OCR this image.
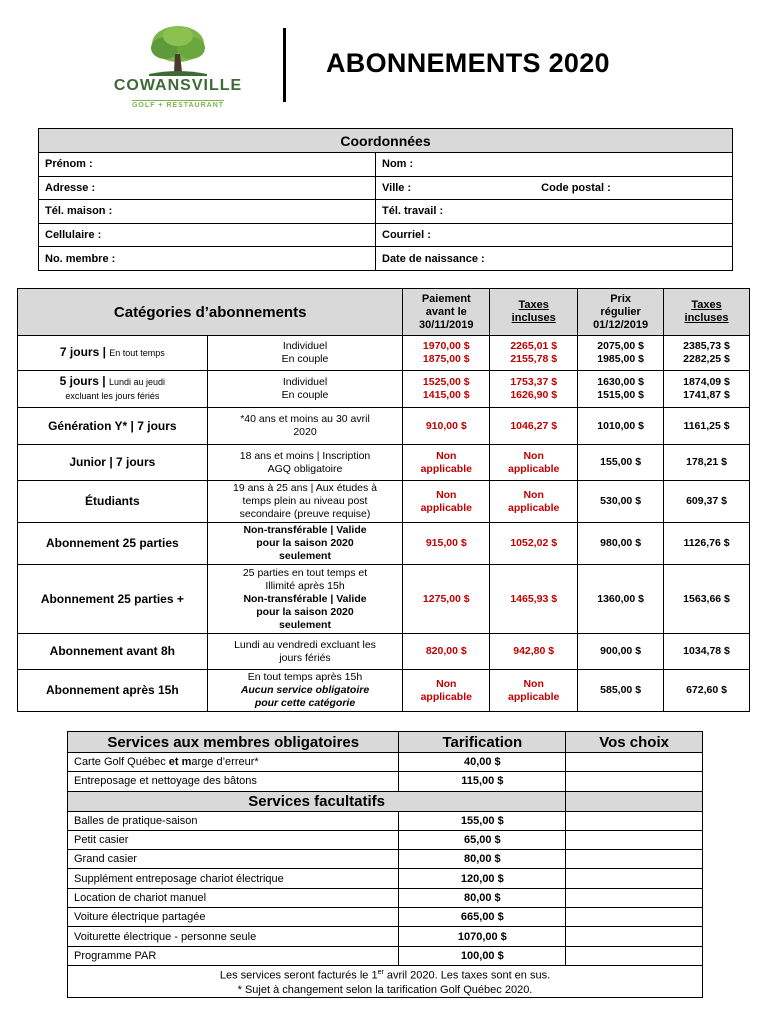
COWANSVILLE
GOLF + RESTAURANT
ABONNEMENTS 2020
Coordonnées	
Prénom :	Nom :
Adresse :	Ville : Code postal :
Tél. maison :	Tél. travail :
Cellulaire :	Courriel :
No. membre :	Date de naissance :
Catégories d’abonnements		Paiement
avant le
30/11/2019	Taxes
incluses	Prix
régulier
01/12/2019	Taxes
incluses
7 jours | En tout temps	Individuel
En couple	1970,00 $
1875,00 $	2265,01 $
2155,78 $	2075,00 $
1985,00 $	2385,73 $
2282,25 $
5 jours | Lundi au jeudi
excluant les jours fériés	Individuel
En couple	1525,00 $
1415,00 $	1753,37 $
1626,90 $	1630,00 $
1515,00 $	1874,09 $
1741,87 $
Génération Y* | 7 jours	*40 ans et moins au 30 avril
2020	910,00 $	1046,27 $	1010,00 $	1161,25 $
Junior | 7 jours	18 ans et moins | Inscription
AGQ obligatoire	Non
applicable	Non
applicable	155,00 $	178,21 $
Étudiants	19 ans à 25 ans | Aux études à
temps plein au niveau post
secondaire (preuve requise)	Non
applicable	Non
applicable	530,00 $	609,37 $
Abonnement 25 parties	Non-transférable | Valide
pour la saison 2020
seulement	915,00 $	1052,02 $	980,00 $	1126,76 $
Abonnement 25 parties +	25 parties en tout temps et
Illimité après 15h
Non-transférable | Valide
pour la saison 2020
seulement	1275,00 $	1465,93 $	1360,00 $	1563,66 $
Abonnement avant 8h	Lundi au vendredi excluant les
jours fériés	820,00 $	942,80 $	900,00 $	1034,78 $
Abonnement après 15h	En tout temps après 15h
Aucun service obligatoire
pour cette catégorie	Non
applicable	Non
applicable	585,00 $	672,60 $
Services aux membres obligatoires	Tarification	Vos choix
Carte Golf Québec et marge d’erreur*	40,00 $	
Entreposage et nettoyage des bâtons	115,00 $	
Services facultatifs		
Balles de pratique-saison	155,00 $	
Petit casier	65,00 $	
Grand casier	80,00 $	
Supplément entreposage chariot électrique	120,00 $	
Location de chariot manuel	80,00 $	
Voiture électrique partagée	665,00 $	
Voiturette électrique - personne seule	1070,00 $	
Programme PAR	100,00 $	
Les services seront facturés le 1er avril 2020. Les taxes sont en sus.
* Sujet à changement selon la tarification Golf Québec 2020.		
